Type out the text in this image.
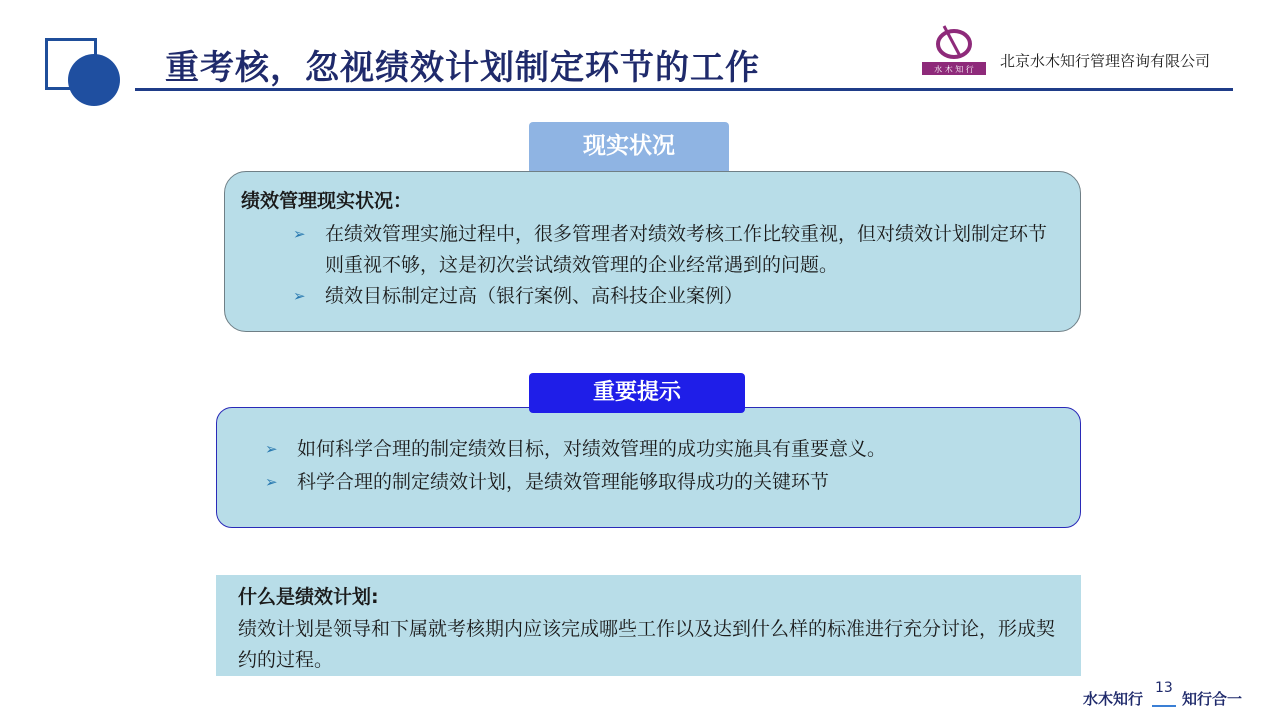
重考核，忽视绩效计划制定环节的工作	水 木 知 行 北京水木知行管理咨询有限公司
现实状况
绩效管理现实状况：
➢ 在绩效管理实施过程中，很多管理者对绩效考核工作比较重视，但对绩效计划制定环节则重视不够，这是初次尝试绩效管理的企业经常遇到的问题。
➢ 绩效目标制定过高（银行案例、高科技企业案例）
➢ 如何科学合理的制定绩效目标，对绩效管理的成功实施具有重要意义。
➢ 科学合理的制定绩效计划，是绩效管理能够取得成功的关键环节
重要提示
什么是绩效计划:
绩效计划是领导和下属就考核期内应该完成哪些工作以及达到什么样的标准进行充分讨论，形成契约的过程。
水木知行
13
知行合一
